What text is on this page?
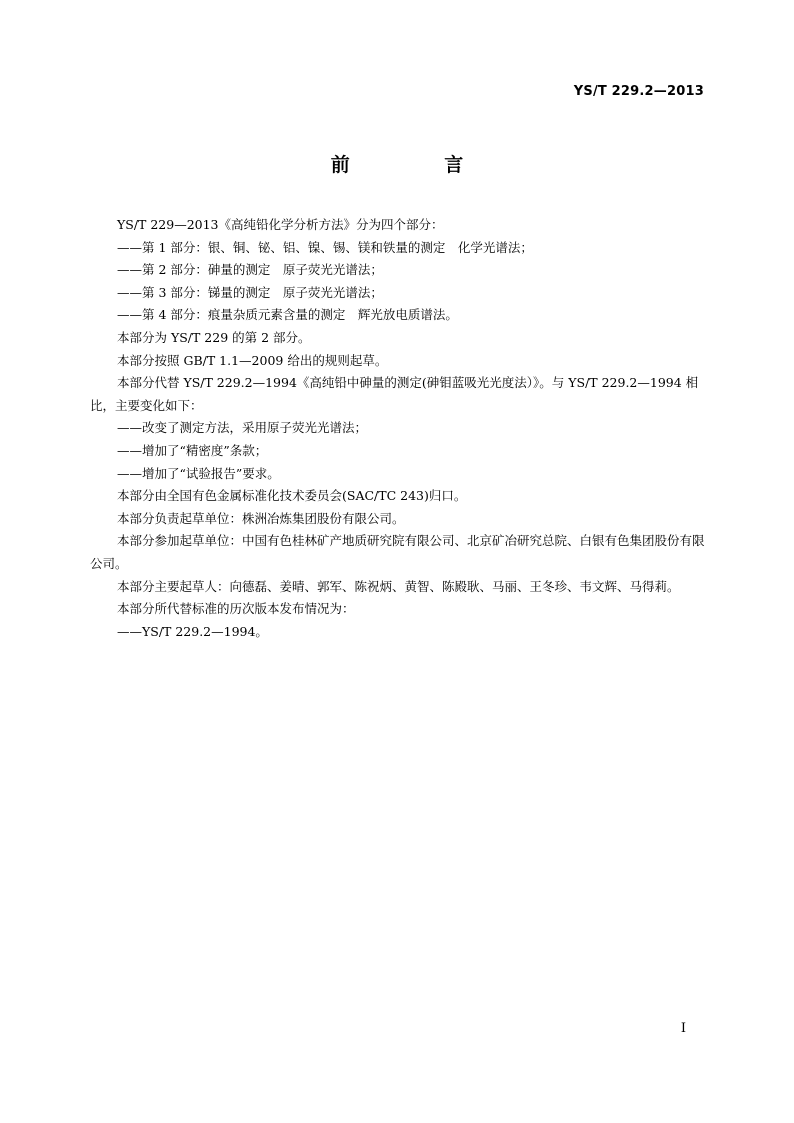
YS/T 229.2—2013
前 言

YS/T 229—2013《高纯铅化学分析方法》分为四个部分：

——第 1 部分：银、铜、铋、铝、镍、锡、镁和铁量的测定　化学光谱法；

——第 2 部分：砷量的测定　原子荧光光谱法；

——第 3 部分：锑量的测定　原子荧光光谱法；

——第 4 部分：痕量杂质元素含量的测定　辉光放电质谱法。

本部分为 YS/T 229 的第 2 部分。

本部分按照 GB/T 1.1—2009 给出的规则起草。

本部分代替 YS/T 229.2—1994《高纯铅中砷量的测定(砷钼蓝吸光光度法）》。与 YS/T 229.2—1994 相比，主要变化如下：

——改变了测定方法，采用原子荧光光谱法；

——增加了“精密度”条款；

——增加了“试验报告”要求。

本部分由全国有色金属标准化技术委员会(SAC/TC 243)归口。

本部分负责起草单位：株洲冶炼集团股份有限公司。

本部分参加起草单位：中国有色桂林矿产地质研究院有限公司、北京矿冶研究总院、白银有色集团股份有限公司。

本部分主要起草人：向德磊、姜晴、郭军、陈祝炳、黄智、陈殿耿、马丽、王冬珍、韦文辉、马得莉。

本部分所代替标准的历次版本发布情况为：

——YS/T 229.2—1994。

I
